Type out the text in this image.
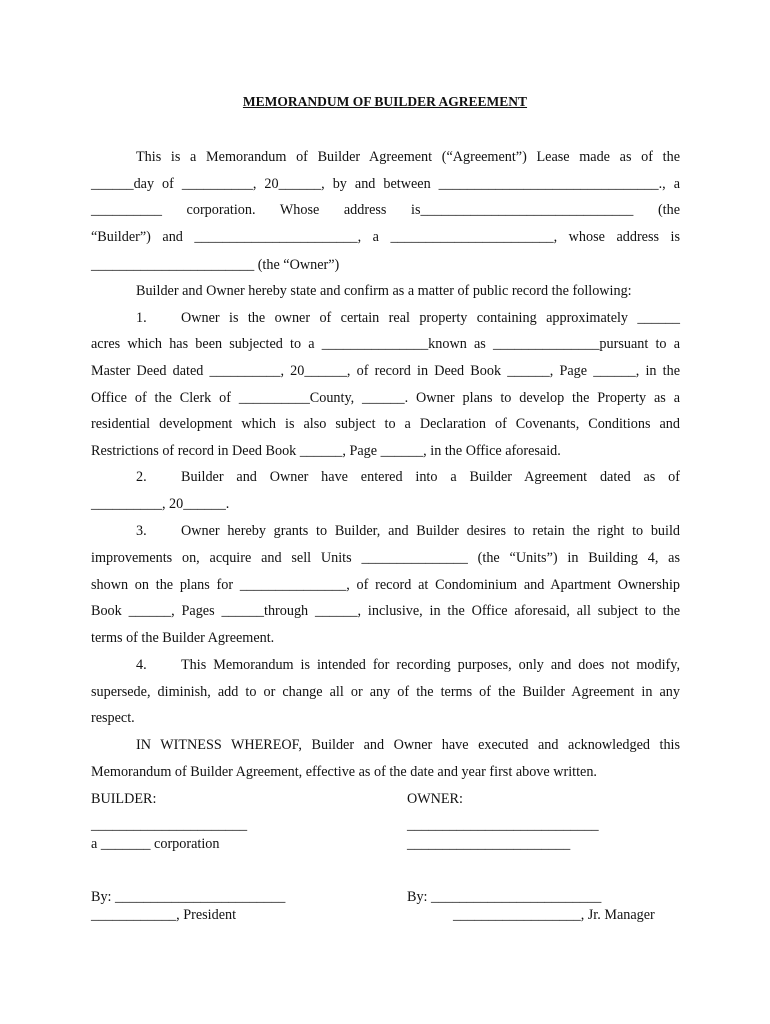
MEMORANDUM OF BUILDER AGREEMENT
This is a Memorandum of Builder Agreement (“Agreement”) Lease made as of the
______day of __________, 20______, by and between _______________________________., a
__________ corporation. Whose address is______________________________ (the
“Builder”) and _______________________, a _______________________, whose address is
_______________________ (the “Owner”)
Builder and Owner hereby state and confirm as a matter of public record the following:
1. Owner is the owner of certain real property containing approximately ______
acres which has been subjected to a _______________known as _______________pursuant to a
Master Deed dated __________, 20______, of record in Deed Book ______, Page ______, in the
Office of the Clerk of __________County, ______. Owner plans to develop the Property as a
residential development which is also subject to a Declaration of Covenants, Conditions and
Restrictions of record in Deed Book ______, Page ______, in the Office aforesaid.
2. Builder and Owner have entered into a Builder Agreement dated as of
__________, 20______.
3. Owner hereby grants to Builder, and Builder desires to retain the right to build
improvements on, acquire and sell Units _______________ (the “Units”) in Building 4, as
shown on the plans for _______________, of record at Condominium and Apartment Ownership
Book ______, Pages ______through ______, inclusive, in the Office aforesaid, all subject to the
terms of the Builder Agreement.
4. This Memorandum is intended for recording purposes, only and does not modify,
supersede, diminish, add to or change all or any of the terms of the Builder Agreement in any
respect.
IN WITNESS WHEREOF, Builder and Owner have executed and acknowledged this
Memorandum of Builder Agreement, effective as of the date and year first above written.
BUILDER:	OWNER:
______________________	___________________________
a _______ corporation	_______________________
By: ________________________	By: ________________________
____________, President	__________________, Jr. Manager
